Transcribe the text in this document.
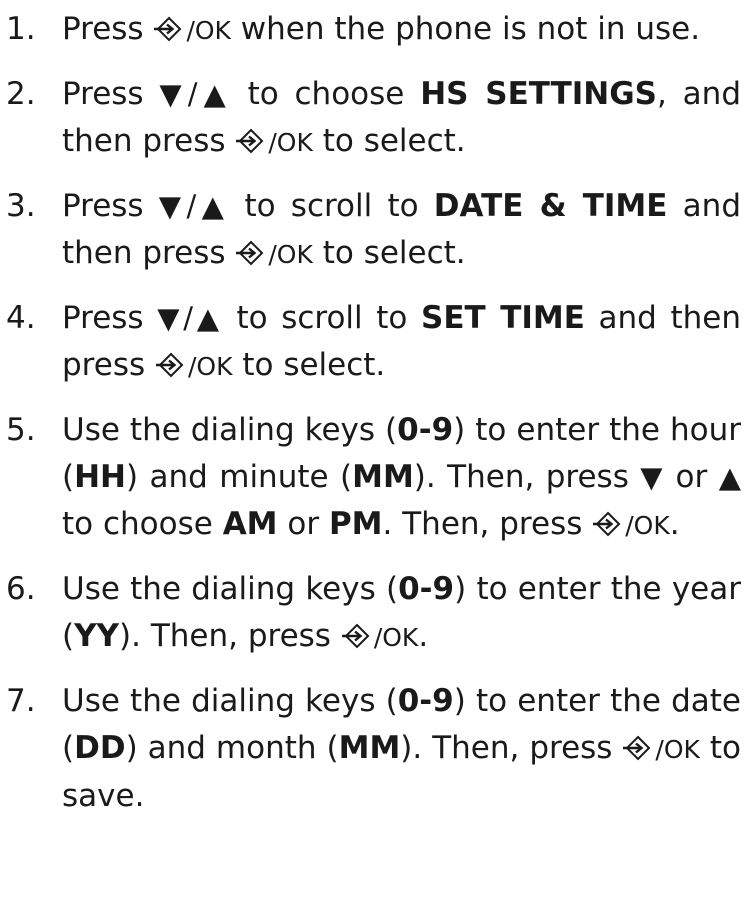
1. Press /OK when the phone is not in use.
2. Press ▼/▲ to choose HS SETTINGS, and then press /OK to select.
3. Press ▼/▲ to scroll to DATE & TIME and then press /OK to select.
4. Press ▼/▲ to scroll to SET TIME and then press /OK to select.
5. Use the dialing keys (0-9) to enter the hour (HH) and minute (MM). Then, press ▼ or ▲ to choose AM or PM. Then, press /OK.
6. Use the dialing keys (0-9) to enter the year (YY). Then, press /OK.
7. Use the dialing keys (0-9) to enter the date (DD) and month (MM). Then, press /OK to save.
